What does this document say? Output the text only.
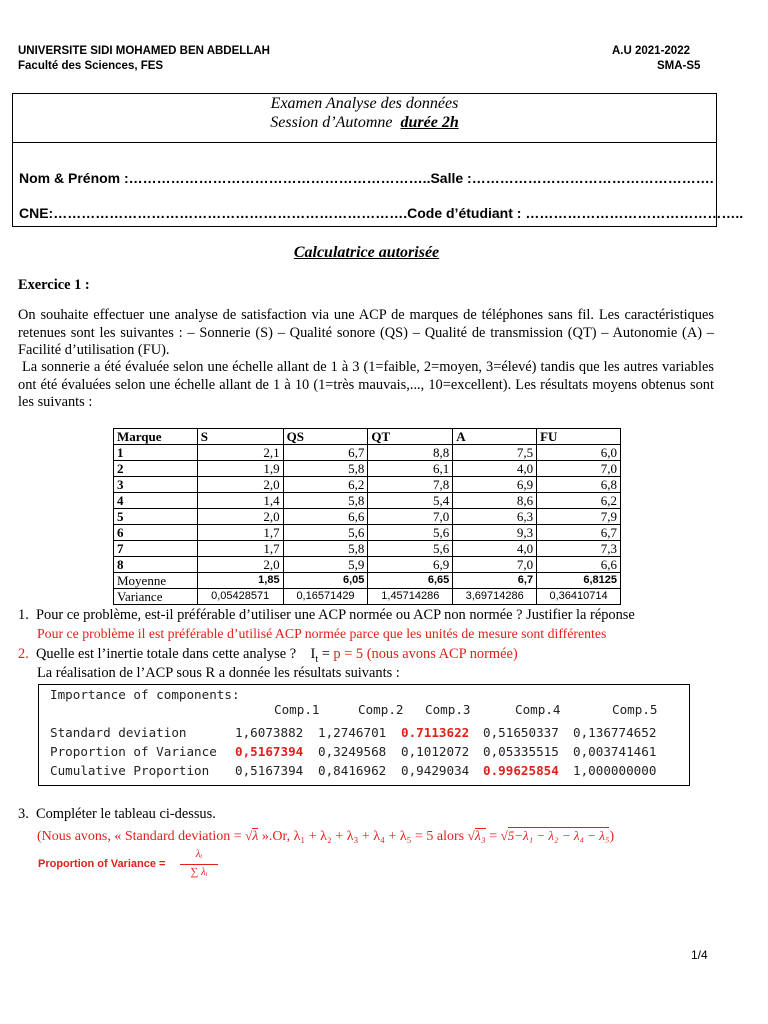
UNIVERSITE SIDI MOHAMED BEN ABDELLAH
Faculté des Sciences, FES
A.U 2021-2022
SMA-S5
Examen Analyse des données
Session d’Automne durée 2h
Nom & Prénom :………………………………………………………..Salle :…………………………………………….
CNE:………………………………………………………………….Code d’étudiant : ………………………………………..
Calculatrice autorisée
Exercice 1 :
On souhaite effectuer une analyse de satisfaction via une ACP de marques de téléphones sans fil. Les caractéristiques retenues sont les suivantes : – Sonnerie (S) – Qualité sonore (QS) – Qualité de transmission (QT) – Autonomie (A) – Facilité d’utilisation (FU).
La sonnerie a été évaluée selon une échelle allant de 1 à 3 (1=faible, 2=moyen, 3=élevé) tandis que les autres variables ont été évaluées selon une échelle allant de 1 à 10 (1=très mauvais,..., 10=excellent). Les résultats moyens obtenus sont les suivants :
Marque	S	QS	QT	A	FU
1	2,1	6,7	8,8	7,5	6,0
2	1,9	5,8	6,1	4,0	7,0
3	2,0	6,2	7,8	6,9	6,8
4	1,4	5,8	5,4	8,6	6,2
5	2,0	6,6	7,0	6,3	7,9
6	1,7	5,6	5,6	9,3	6,7
7	1,7	5,8	5,6	4,0	7,3
8	2,0	5,9	6,9	7,0	6,6
Moyenne	1,85	6,05	6,65	6,7	6,8125
Variance	0,05428571	0,16571429	1,45714286	3,69714286	0,36410714
1. Pour ce problème, est-il préférable d’utiliser une ACP normée ou ACP non normée ? Justifier la réponse
Pour ce problème il est préférable d’utilisé ACP normée parce que les unités de mesure sont différentes
2. Quelle est l’inertie totale dans cette analyse ? $I_t = p = 5$ (nous avons ACP normée)
La réalisation de l’ACP sous R a donnée les résultats suivants :
Importance of components:
Comp.1	Comp.2 Comp.3	Comp.4	Comp.5
Standard deviation	1,6073882 1,2746701 0.7113622 0,51650337 0,136774652
Proportion of Variance 0,5167394 0,3249568 0,1012072 0,05335515 0,003741461
Cumulative Proportion 0,5167394 0,8416962 0,9429034 0.99625854 1,000000000
3. Compléter le tableau ci-dessus.
(Nous avons, « Standard deviation = √λ ».Or, λ₁ + λ₂ + λ₃ + λ₄ + λ₅ = 5 alors √λ₃ = √5−λ₁ − λ₂ − λ₄ − λ₅)
Proportion of Variance =
λᵢ
∑ λᵢ
1/4
